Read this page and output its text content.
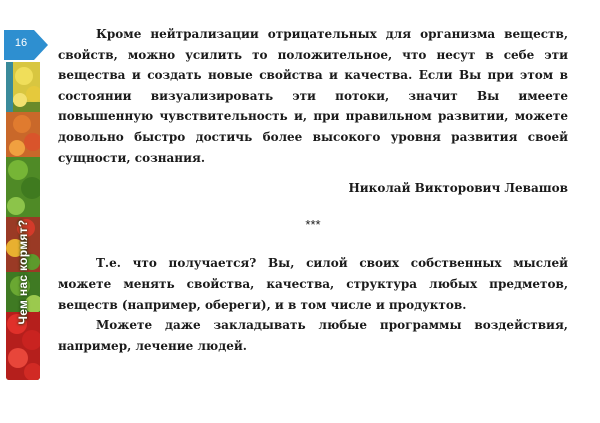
16
Чем нас кормят?

Кроме нейтрализации отрицательных для организма веществ, свойств, можно усилить то положительное, что несут в себе эти вещества и создать новые свойства и качества. Если Вы при этом в состоянии визуализировать эти потоки, значит Вы имеете повышенную чувствительность и, при правильном развитии, можете довольно быстро достичь более высокого уровня развития своей сущности, сознания.

Николай Викторович Левашов

***

Т.е. что получается? Вы, силой своих собственных мыслей можете менять свойства, качества, структура любых предметов, веществ (например, обереги), и в том числе и продуктов.

Можете даже закладывать любые программы воздействия, например, лечение людей.
